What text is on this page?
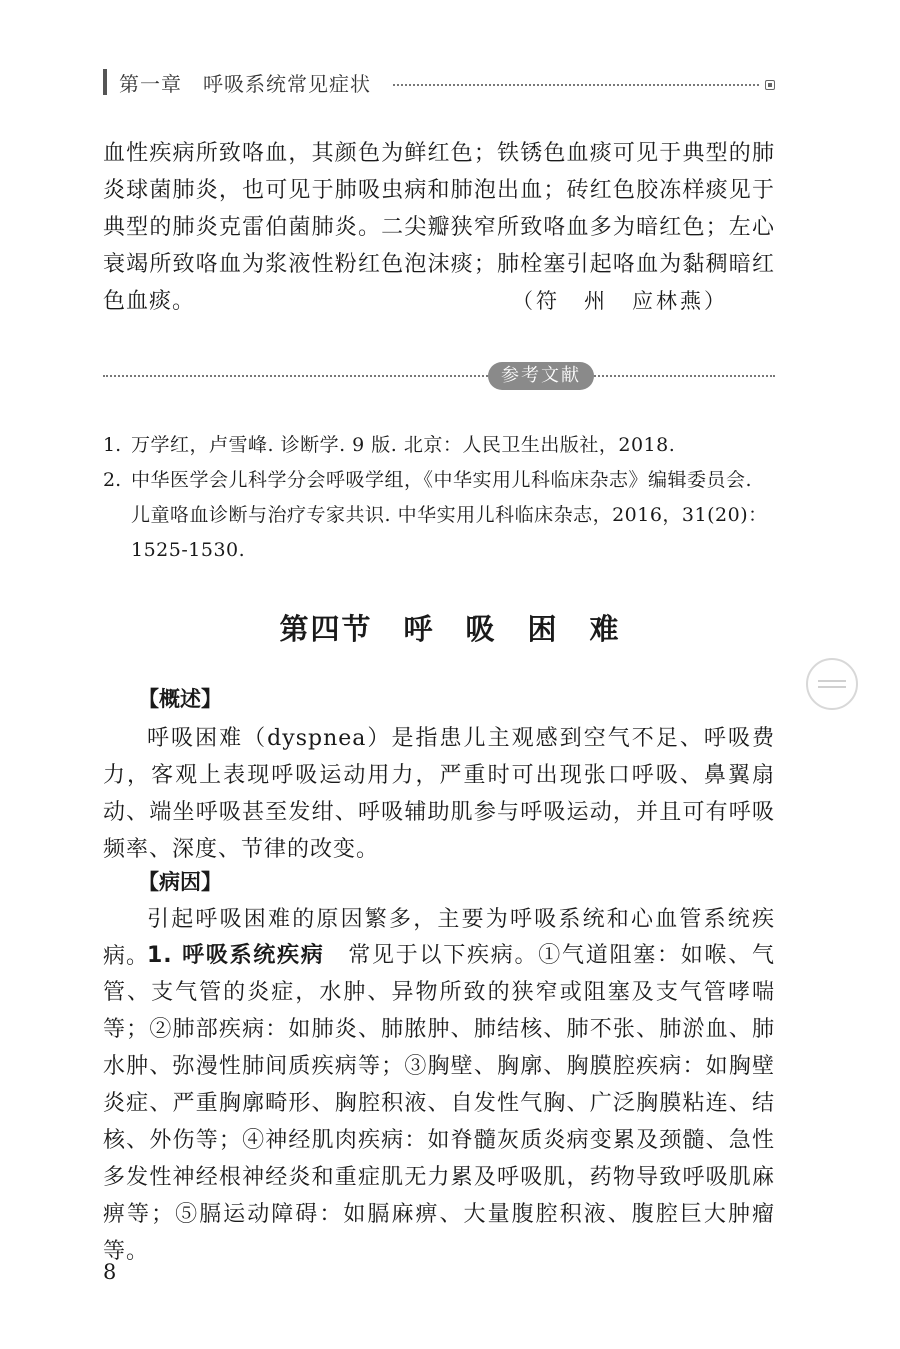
第一章　呼吸系统常见症状

血性疾病所致咯血，其颜色为鲜红色；铁锈色血痰可见于典型的肺炎球菌肺炎，也可见于肺吸虫病和肺泡出血；砖红色胶冻样痰见于典型的肺炎克雷伯菌肺炎。二尖瓣狭窄所致咯血多为暗红色；左心衰竭所致咯血为浆液性粉红色泡沫痰；肺栓塞引起咯血为黏稠暗红色血痰。	（符　州　应林燕）
参考文献
1. 万学红，卢雪峰. 诊断学. 9 版. 北京：人民卫生出版社，2018.
2. 中华医学会儿科学分会呼吸学组，《中华实用儿科临床杂志》编辑委员会. 儿童咯血诊断与治疗专家共识. 中华实用儿科临床杂志，2016，31(20)：1525-1530.
第四节　呼　吸　困　难
【概述】

呼吸困难（dyspnea）是指患儿主观感到空气不足、呼吸费力，客观上表现呼吸运动用力，严重时可出现张口呼吸、鼻翼扇动、端坐呼吸甚至发绀、呼吸辅助肌参与呼吸运动，并且可有呼吸频率、深度、节律的改变。

【病因】

引起呼吸困难的原因繁多，主要为呼吸系统和心血管系统疾病。

1. 呼吸系统疾病　常见于以下疾病。①气道阻塞：如喉、气管、支气管的炎症，水肿、异物所致的狭窄或阻塞及支气管哮喘等；②肺部疾病：如肺炎、肺脓肿、肺结核、肺不张、肺淤血、肺水肿、弥漫性肺间质疾病等；③胸壁、胸廓、胸膜腔疾病：如胸壁炎症、严重胸廓畸形、胸腔积液、自发性气胸、广泛胸膜粘连、结核、外伤等；④神经肌肉疾病：如脊髓灰质炎病变累及颈髓、急性多发性神经根神经炎和重症肌无力累及呼吸肌，药物导致呼吸肌麻痹等；⑤膈运动障碍：如膈麻痹、大量腹腔积液、腹腔巨大肿瘤等。

8
